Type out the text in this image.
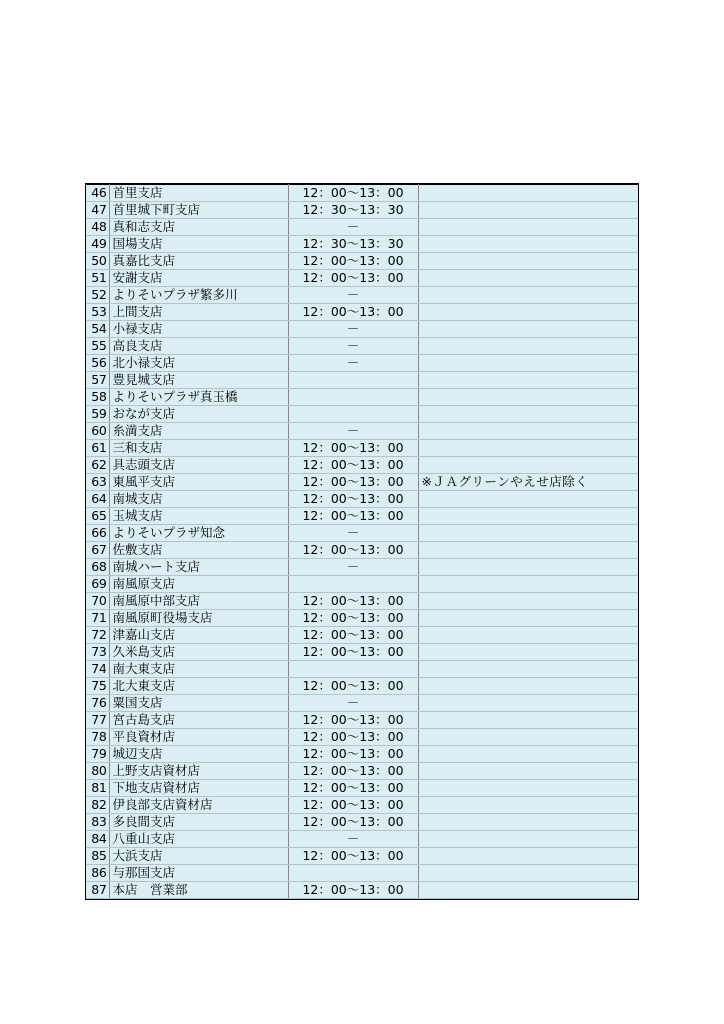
46	首里支店	12：00～13：00	
47	首里城下町支店	12：30～13：30	
48	真和志支店	－	
49	国場支店	12：30～13：30	
50	真嘉比支店	12：00～13：00	
51	安謝支店	12：00～13：00	
52	よりそいプラザ繁多川	－	
53	上間支店	12：00～13：00	
54	小禄支店	－	
55	高良支店	－	
56	北小禄支店	－	
57	豊見城支店		
58	よりそいプラザ真玉橋		
59	おなが支店		
60	糸満支店	－	
61	三和支店	12：00～13：00	
62	具志頭支店	12：00～13：00	
63	東風平支店	12：00～13：00	※ＪＡグリーンやえせ店除く
64	南城支店	12：00～13：00	
65	玉城支店	12：00～13：00	
66	よりそいプラザ知念	－	
67	佐敷支店	12：00～13：00	
68	南城ハート支店	－	
69	南風原支店		
70	南風原中部支店	12：00～13：00	
71	南風原町役場支店	12：00～13：00	
72	津嘉山支店	12：00～13：00	
73	久米島支店	12：00～13：00	
74	南大東支店		
75	北大東支店	12：00～13：00	
76	粟国支店	－	
77	宮古島支店	12：00～13：00	
78	平良資材店	12：00～13：00	
79	城辺支店	12：00～13：00	
80	上野支店資材店	12：00～13：00	
81	下地支店資材店	12：00～13：00	
82	伊良部支店資材店	12：00～13：00	
83	多良間支店	12：00～13：00	
84	八重山支店	－	
85	大浜支店	12：00～13：00	
86	与那国支店		
87	本店　営業部	12：00～13：00	
